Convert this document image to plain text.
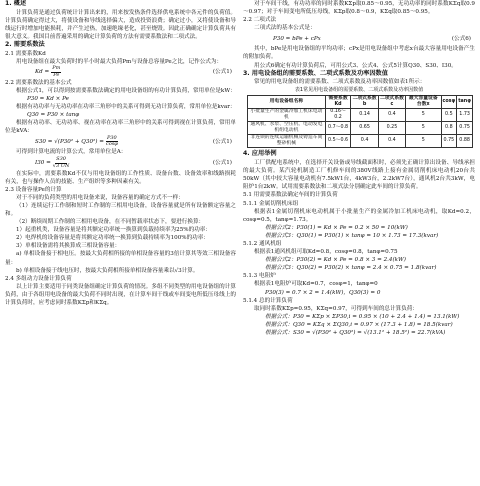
1. 概述

计算负荷是通过负荷统计计算出来的，用来按发热条件选择供电系统中各元件的负荷值。计算负荷确定得过大，将使设备和导线选择偏大，造成投资浪费；确定过小，又将使设备和导线运行时增加电能损耗，并产生过热，加速绝缘老化，甚至烧毁。因此正确确定计算负荷具有很大意义。我国目前普遍采用的确定计算负荷的方法有需要系数法和二项式法。

2. 需要系数法

2.1 需要系数Kd

用电设备组在最大负荷时的半小时最大负荷Pm与设备总容量Pe之比，记作公式为：

$Kd = \frac{Pm}{Pe}$	(公式1)

2.2 需要系数法的基本公式

根据公式1，可以得到按需要系数法确定的用电设备组的有功计算负荷，常用单位是kW：

P30 = Kd × Pe

根据有功功率与无功功率在功率三角形中的关系可得到无功计算负荷，常用单位是kvar：

Q30 = P30 × tanφ

根据有功功率、无功功率、视在功率在功率三角形中的关系可得到视在计算负荷，常用单位是kVA：

$S30 = √(P30^2 + Q30^2) = \frac{P30}{\cos\varphi}$	(公式1)

可得到计算电流的计算公式，常用单位是A：

$I30 = \frac{S30}{√3 UN}$	(公式1)

在实际中，需要系数Kd不仅与用电设备组的工作性质、设备台数、设备效率和线路损耗有关，也与操作人员的技能、生产组织等多种因素有关。

2.3 设备容量Pe的计算

对于不同的负荷类型的用电设备来说，设备容量的确定方式不一样：

（1）连续运行工作制和短时工作制的三相用电设备，设备容量就是所有设备额定容量之和。

（2）断续周期工作制的三相用电设备，在不同暂载率状态下，要进行换算：

1）起重机类，设备容量是将其额定功率统一换算到负载持续率为25%的功率：

2）电焊机的设备容量是将其额定功率统一换算到负载持续率为100%的功率：

3）单相设备需将其换算成三相设备容量：

a) 单相设备接于相电压。按最大负荷相所接的单相设备容量的3倍计算其等效三相设备容量：

b) 单相设备接于线电压时，按最大负荷相所接单相设备容量乘以√3计算。

2.4 多组动力设备计算负荷

以上计算主要适用于同类设备组确定计算负荷的情况。多组不同类型的用电设备组的计算负荷，由于各组用电设备的最大负荷不同时出现，在计算车间干线或车间变电所低压母线上的计算负荷时，应考虑同时系数KΣp和KΣq。

对于车间干线，有功功率的同时系数KΣp取0.85～0.95，无功功率的同时系数KΣq取0.9～0.97；对于车间变电所低压母线，KΣp取0.8～0.9，KΣq取0.85～0.95。

2.2 二项式法

二项式法的基本公式是：

P30 = bPe + cPx	(公式6)

其中，bPe是用电设备组的平均功率；cPx是用电设备组中考虑x台最大容量用电设备产生的附加负荷。

用公式6确定有功计算负荷后，可用公式3、公式4、公式5计算Q30、S30、I30。

3. 用电设备组的需要系数、二项式系数及功率因数值

常见的用电设备组的需要系数、二项式系数及功率因数值如表1所示：

表1常见用电设备组的需要系数、二项式系数及功率因数值

用电设备组名称	需要系数Kd	二项式系数 b	二项式系数 c	最大容量设备台数x	cosφ	tanφ
小批量生产的金属冷加工机床电动机	0.16～0.2	0.14	0.4	5	0.5	1.73
通风机、水泵、空压机、电动发电机组电动机	0.7～0.8	0.65	0.25	5	0.8	0.75
非连锁的连续运输机械及铸造车间整砂机械	0.5～0.6	0.4	0.4	5	0.75	0.88

4. 应用举例

工厂供配电系统中，在选择开关设备或导线截面积时，必须先正确计算出设备、导线承担的最大负荷。某汽轮机制造工厂机修车间的380V线路上接有金属切削机床电动机20台共50kW（其中较大容量电动机有7.5kW1台，4kW3台，2.2kW7台），通风机2台共3kW，电阻炉1台2kW。试用需要系数法和二项式法分别确定此车间的计算负荷。

5.1 用需要系数法确定车间的计算负荷

5.1.1 金属切削机床组

根据表1金属切削机床电动机属于小批量生产的金属冷加工机床电动机，取Kd=0.2，cosφ=0.5，tanφ=1.73。

根据公式2：P30(1) = Kd × Pe = 0.2 × 50 = 10(kW)

根据公式3：Q30(1) = P30(1) × tanφ = 10 × 1.73 = 17.3(kvar)

5.1.2 通风机组

根据表1通风机组可取Kd=0.8，cosφ=0.8，tanφ=0.75

根据公式2：P30(2) = Kd × Pe = 0.8 × 3 = 2.4(kW)

根据公式3：Q30(2) = P30(2) × tanφ = 2.4 × 0.75 = 1.8(kvar)

5.1.3 电阻炉

根据表1电阻炉可取Kd=0.7，cosφ=1，tanφ=0

P30(3) = 0.7 × 2 = 1.4(kW)，Q30(3) = 0

5.1.4 总的计算负荷

取同时系数KΣp=0.95，KΣq=0.97，可得到车间的总计算负荷：

根据公式：P30 = KΣp × ΣP30,i = 0.95 × (10 + 2.4 + 1.4) = 13.1(kW)

根据公式：Q30 = KΣq × ΣQ30,i = 0.97 × (17.3 + 1.8) = 18.5(kvar)

根据公式：S30 = √(P30² + Q30²) = √(13.1² + 18.5²) = 22.7(kVA)
